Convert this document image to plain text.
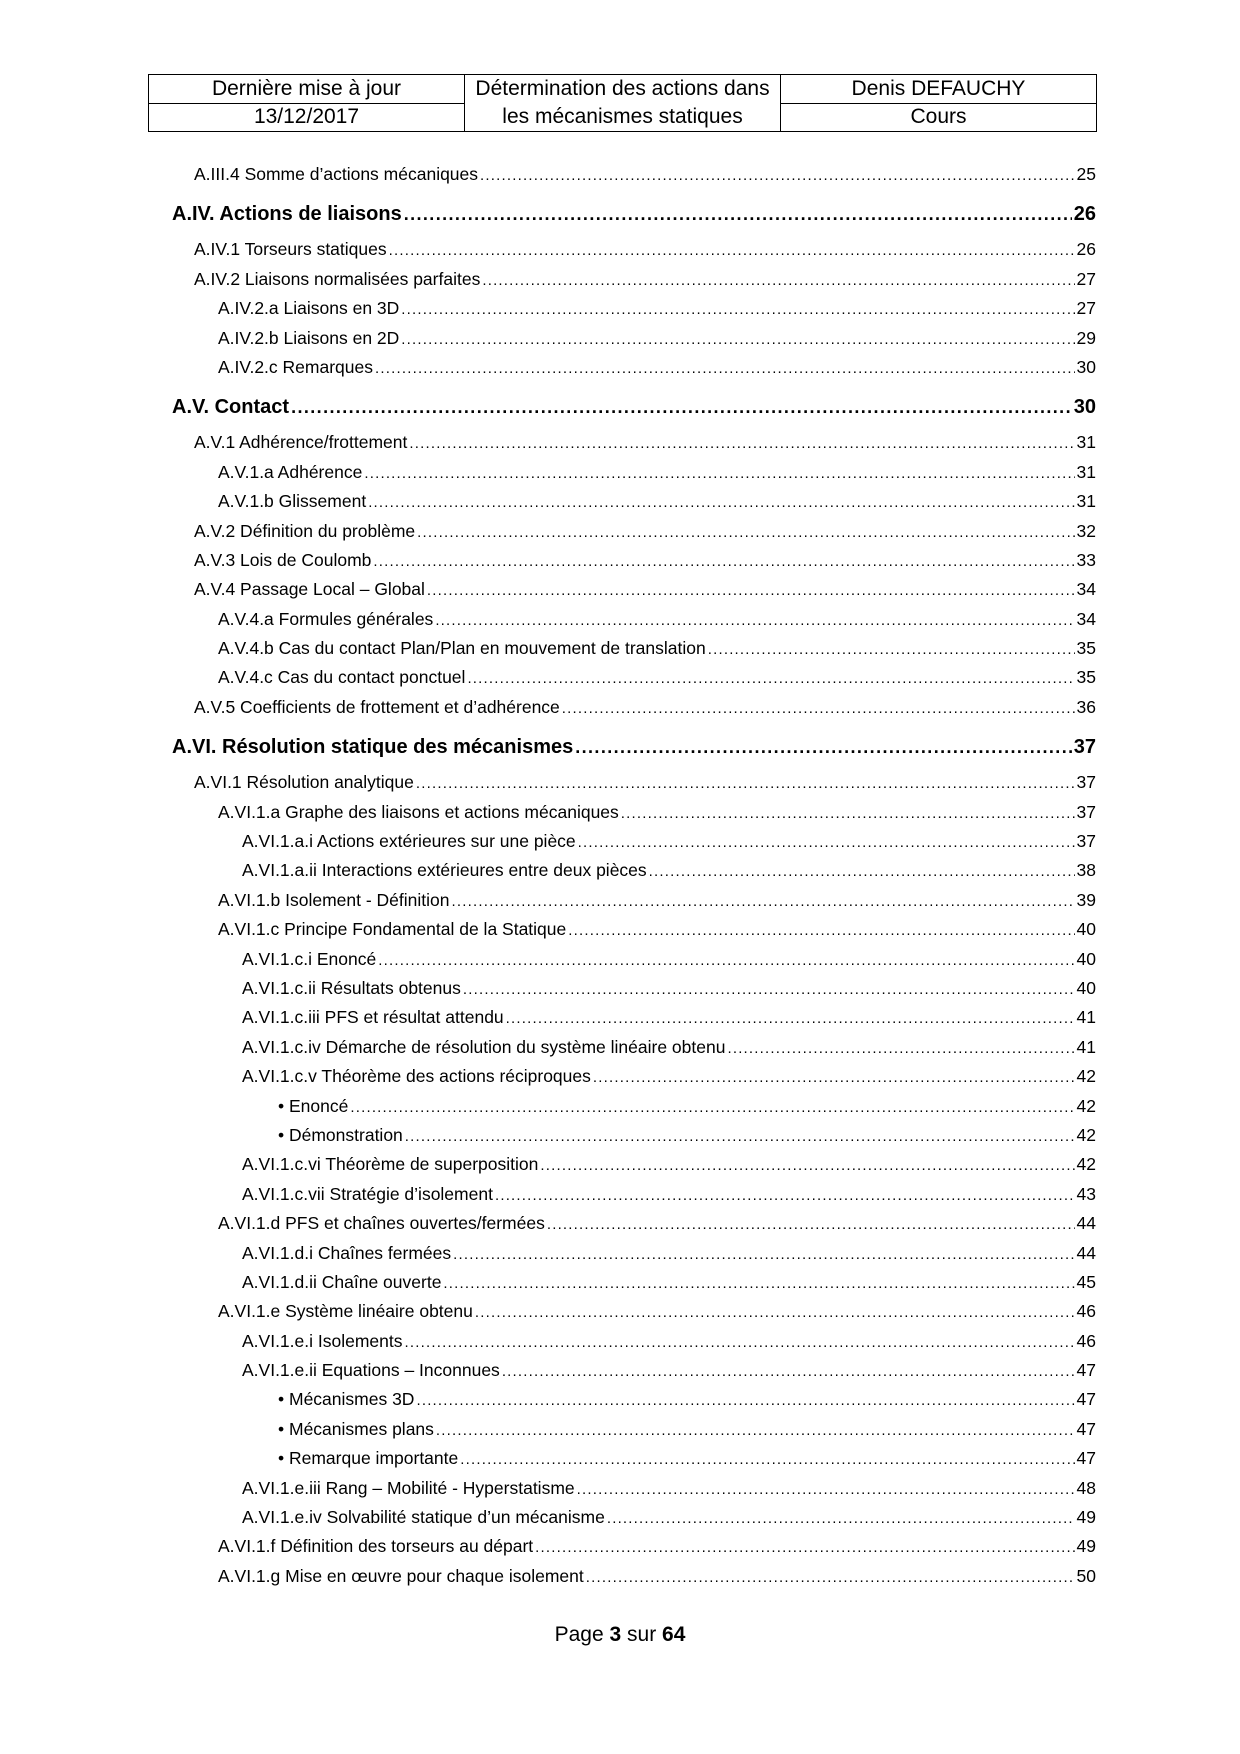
Dernière mise à jour	Détermination des actions dans les mécanismes statiques	Denis DEFAUCHY
13/12/2017		Cours
A.III.4 Somme d’actions mécaniques .....	25
A.IV. Actions de liaisons .....	26
A.IV.1 Torseurs statiques .....	26
A.IV.2 Liaisons normalisées parfaites .....	27
A.IV.2.a Liaisons en 3D .....	27
A.IV.2.b Liaisons en 2D .....	29
A.IV.2.c Remarques .....	30
A.V. Contact .....	30
A.V.1 Adhérence/frottement .....	31
A.V.1.a Adhérence .....	31
A.V.1.b Glissement .....	31
A.V.2 Définition du problème .....	32
A.V.3 Lois de Coulomb .....	33
A.V.4 Passage Local – Global .....	34
A.V.4.a Formules générales .....	34
A.V.4.b Cas du contact Plan/Plan en mouvement de translation .....	35
A.V.4.c Cas du contact ponctuel .....	35
A.V.5 Coefficients de frottement et d’adhérence .....	36
A.VI. Résolution statique des mécanismes .....	37
A.VI.1 Résolution analytique .....	37
A.VI.1.a Graphe des liaisons et actions mécaniques .....	37
A.VI.1.a.i Actions extérieures sur une pièce .....	37
A.VI.1.a.ii Interactions extérieures entre deux pièces .....	38
A.VI.1.b Isolement - Définition .....	39
A.VI.1.c Principe Fondamental de la Statique .....	40
A.VI.1.c.i Enoncé .....	40
A.VI.1.c.ii Résultats obtenus .....	40
A.VI.1.c.iii PFS et résultat attendu .....	41
A.VI.1.c.iv Démarche de résolution du système linéaire obtenu .....	41
A.VI.1.c.v Théorème des actions réciproques .....	42
• Enoncé .....	42
• Démonstration .....	42
A.VI.1.c.vi Théorème de superposition .....	42
A.VI.1.c.vii Stratégie d’isolement .....	43
A.VI.1.d PFS et chaînes ouvertes/fermées .....	44
A.VI.1.d.i Chaînes fermées .....	44
A.VI.1.d.ii Chaîne ouverte .....	45
A.VI.1.e Système linéaire obtenu .....	46
A.VI.1.e.i Isolements .....	46
A.VI.1.e.ii Equations – Inconnues .....	47
• Mécanismes 3D .....	47
• Mécanismes plans .....	47
• Remarque importante .....	47
A.VI.1.e.iii Rang – Mobilité - Hyperstatisme .....	48
A.VI.1.e.iv Solvabilité statique d’un mécanisme .....	49
A.VI.1.f Définition des torseurs au départ .....	49
A.VI.1.g Mise en œuvre pour chaque isolement .....	50
Page 3 sur 64
